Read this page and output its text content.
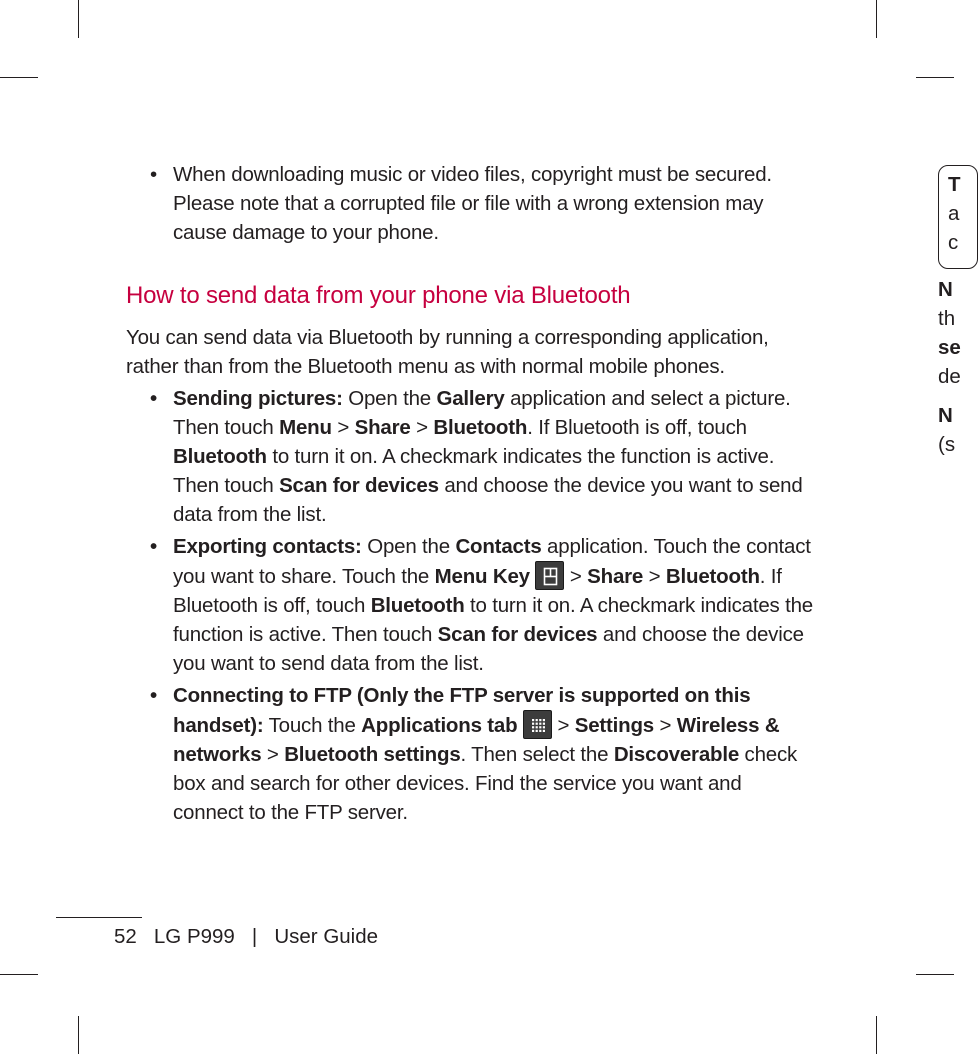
• When downloading music or video files, copyright must be secured. Please note that a corrupted file or file with a wrong extension may cause damage to your phone.
How to send data from your phone via Bluetooth
You can send data via Bluetooth by running a corresponding application, rather than from the Bluetooth menu as with normal mobile phones.
• Sending pictures: Open the Gallery application and select a picture. Then touch Menu > Share > Bluetooth. If Bluetooth is off, touch Bluetooth to turn it on. A checkmark indicates the function is active. Then touch Scan for devices and choose the device you want to send data from the list.
• Exporting contacts: Open the Contacts application. Touch the contact you want to share. Touch the Menu Key > Share > Bluetooth. If Bluetooth is off, touch Bluetooth to turn it on. A checkmark indicates the function is active. Then touch Scan for devices and choose the device you want to send data from the list.
• Connecting to FTP (Only the FTP server is supported on this handset): Touch the Applications tab > Settings > Wireless & networks > Bluetooth settings. Then select the Discoverable check box and search for other devices. Find the service you want and connect to the FTP server.
52 LG P999 | User Guide
T
a
c
N
th
se
de
N
(s
